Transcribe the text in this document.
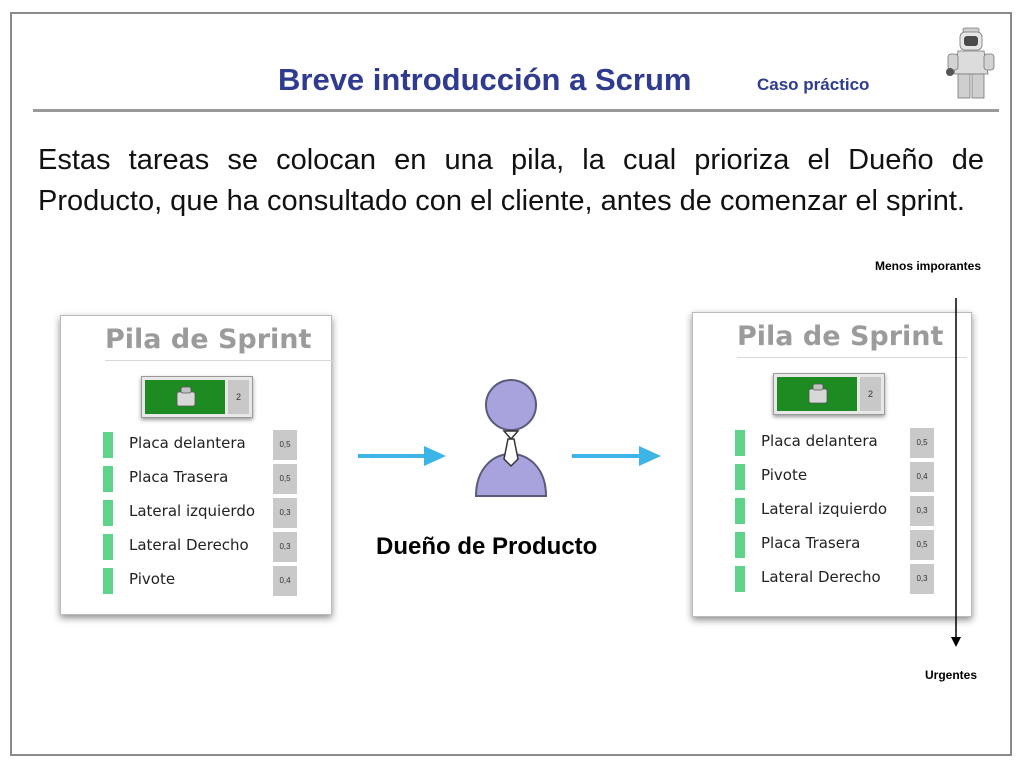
Breve introducción a Scrum	Caso práctico
Estas tareas se colocan en una pila, la cual prioriza el Dueño de Producto, que ha consultado con el cliente, antes de comenzar el sprint.
Pila de Sprint
2
Placa delantera	0,5
Placa Trasera	0,5
Lateral izquierdo	0,3
Lateral Derecho	0,3
Pivote	0,4
Pila de Sprint
2
Placa delantera	0,5
Pivote	0,4
Lateral izquierdo	0,3
Placa Trasera	0,5
Lateral Derecho	0,3
Dueño de Producto
Menos imporantes
Urgentes
